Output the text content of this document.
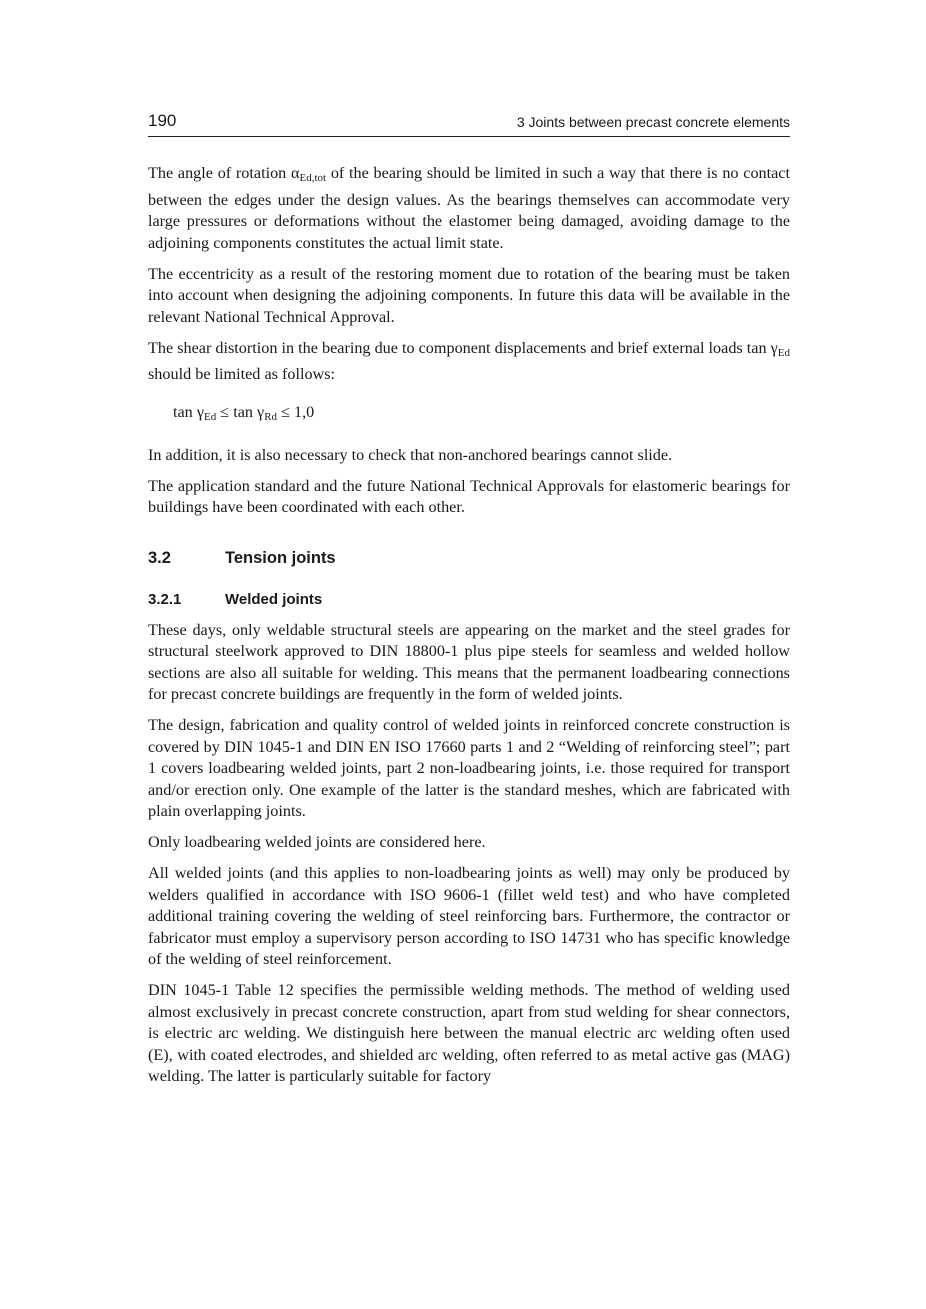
190	3 Joints between precast concrete elements

The angle of rotation $\alpha_{Ed,tot}$ of the bearing should be limited in such a way that there is no contact between the edges under the design values. As the bearings themselves can accommodate very large pressures or deformations without the elastomer being damaged, avoiding damage to the adjoining components constitutes the actual limit state.

The eccentricity as a result of the restoring moment due to rotation of the bearing must be taken into account when designing the adjoining components. In future this data will be available in the relevant National Technical Approval.

The shear distortion in the bearing due to component displacements and brief external loads $\tan \gamma_{Ed}$ should be limited as follows:

$\tan \gamma_{Ed} \le \tan \gamma_{Rd} \le 1,0$

In addition, it is also necessary to check that non-anchored bearings cannot slide.

The application standard and the future National Technical Approvals for elastomeric bearings for buildings have been coordinated with each other.

3.2	Tension joints
3.2.1	Welded joints

These days, only weldable structural steels are appearing on the market and the steel grades for structural steelwork approved to DIN 18800-1 plus pipe steels for seamless and welded hollow sections are also all suitable for welding. This means that the permanent loadbearing connections for precast concrete buildings are frequently in the form of welded joints.

The design, fabrication and quality control of welded joints in reinforced concrete construction is covered by DIN 1045-1 and DIN EN ISO 17660 parts 1 and 2 “Welding of reinforcing steel”; part 1 covers loadbearing welded joints, part 2 non-loadbearing joints, i.e. those required for transport and/or erection only. One example of the latter is the standard meshes, which are fabricated with plain overlapping joints.

Only loadbearing welded joints are considered here.

All welded joints (and this applies to non-loadbearing joints as well) may only be produced by welders qualified in accordance with ISO 9606-1 (fillet weld test) and who have completed additional training covering the welding of steel reinforcing bars. Furthermore, the contractor or fabricator must employ a supervisory person according to ISO 14731 who has specific knowledge of the welding of steel reinforcement.

DIN 1045-1 Table 12 specifies the permissible welding methods. The method of welding used almost exclusively in precast concrete construction, apart from stud welding for shear connectors, is electric arc welding. We distinguish here between the manual electric arc welding often used (E), with coated electrodes, and shielded arc welding, often referred to as metal active gas (MAG) welding. The latter is particularly suitable for factory
